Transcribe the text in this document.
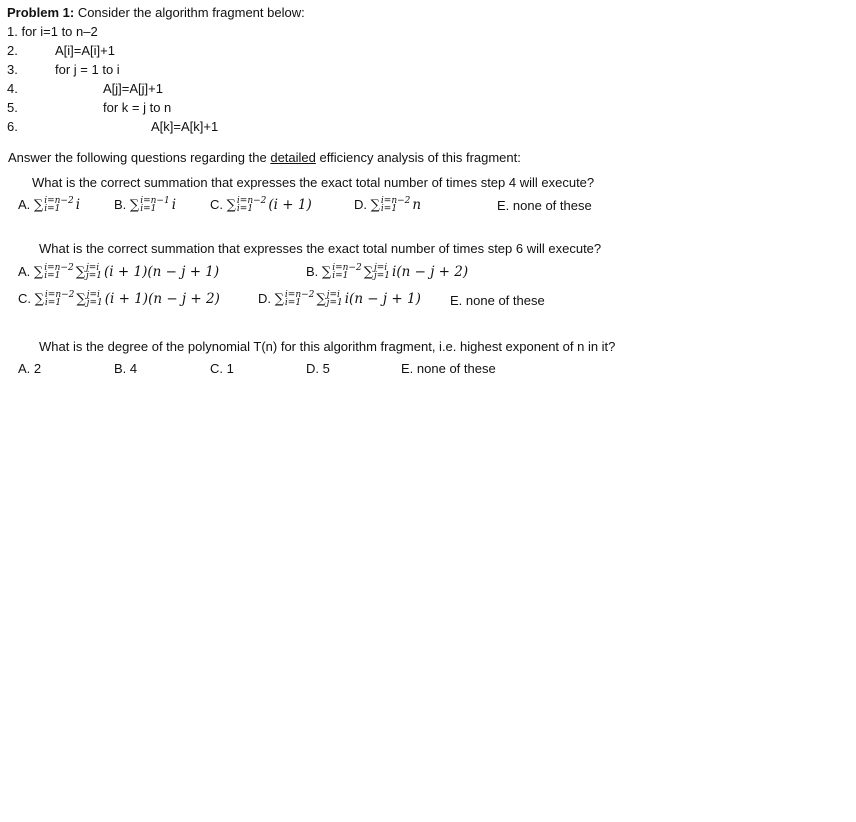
Problem 1: Consider the algorithm fragment below:
1. for i=1 to n–2
2.	A[i]=A[i]+1
3.	for j = 1 to i
4.	A[j]=A[j]+1
5.	for k = j to n
6.	A[k]=A[k]+1
Answer the following questions regarding the detailed efficiency analysis of this fragment:
What is the correct summation that expresses the exact total number of times step 4 will execute?
A. ∑ i=n−2
i=1	i	B. ∑ i=n−1
i=1	i	C. ∑ i=n−2
i=1	(i + 1)	D. ∑ i=n−2
i=1	n	E. none of these
What is the correct summation that expresses the exact total number of times step 6 will execute?
A. ∑ i=n−2
i=1	∑ j=i
j=1 (i + 1)(n − j + 1)	B. ∑ i=n−2
i=1	∑ j=i
j=1 i(n − j + 2)
C. ∑ i=n−2
i=1	∑ j=i
j=1 (i + 1)(n − j + 2)	D. ∑ i=n−2
i=1	∑ j=i
j=1 i(n − j + 1) E. none of these
What is the degree of the polynomial T(n) for this algorithm fragment, i.e. highest exponent of n in it?
A. 2	B. 4	C. 1	D. 5	E. none of these
